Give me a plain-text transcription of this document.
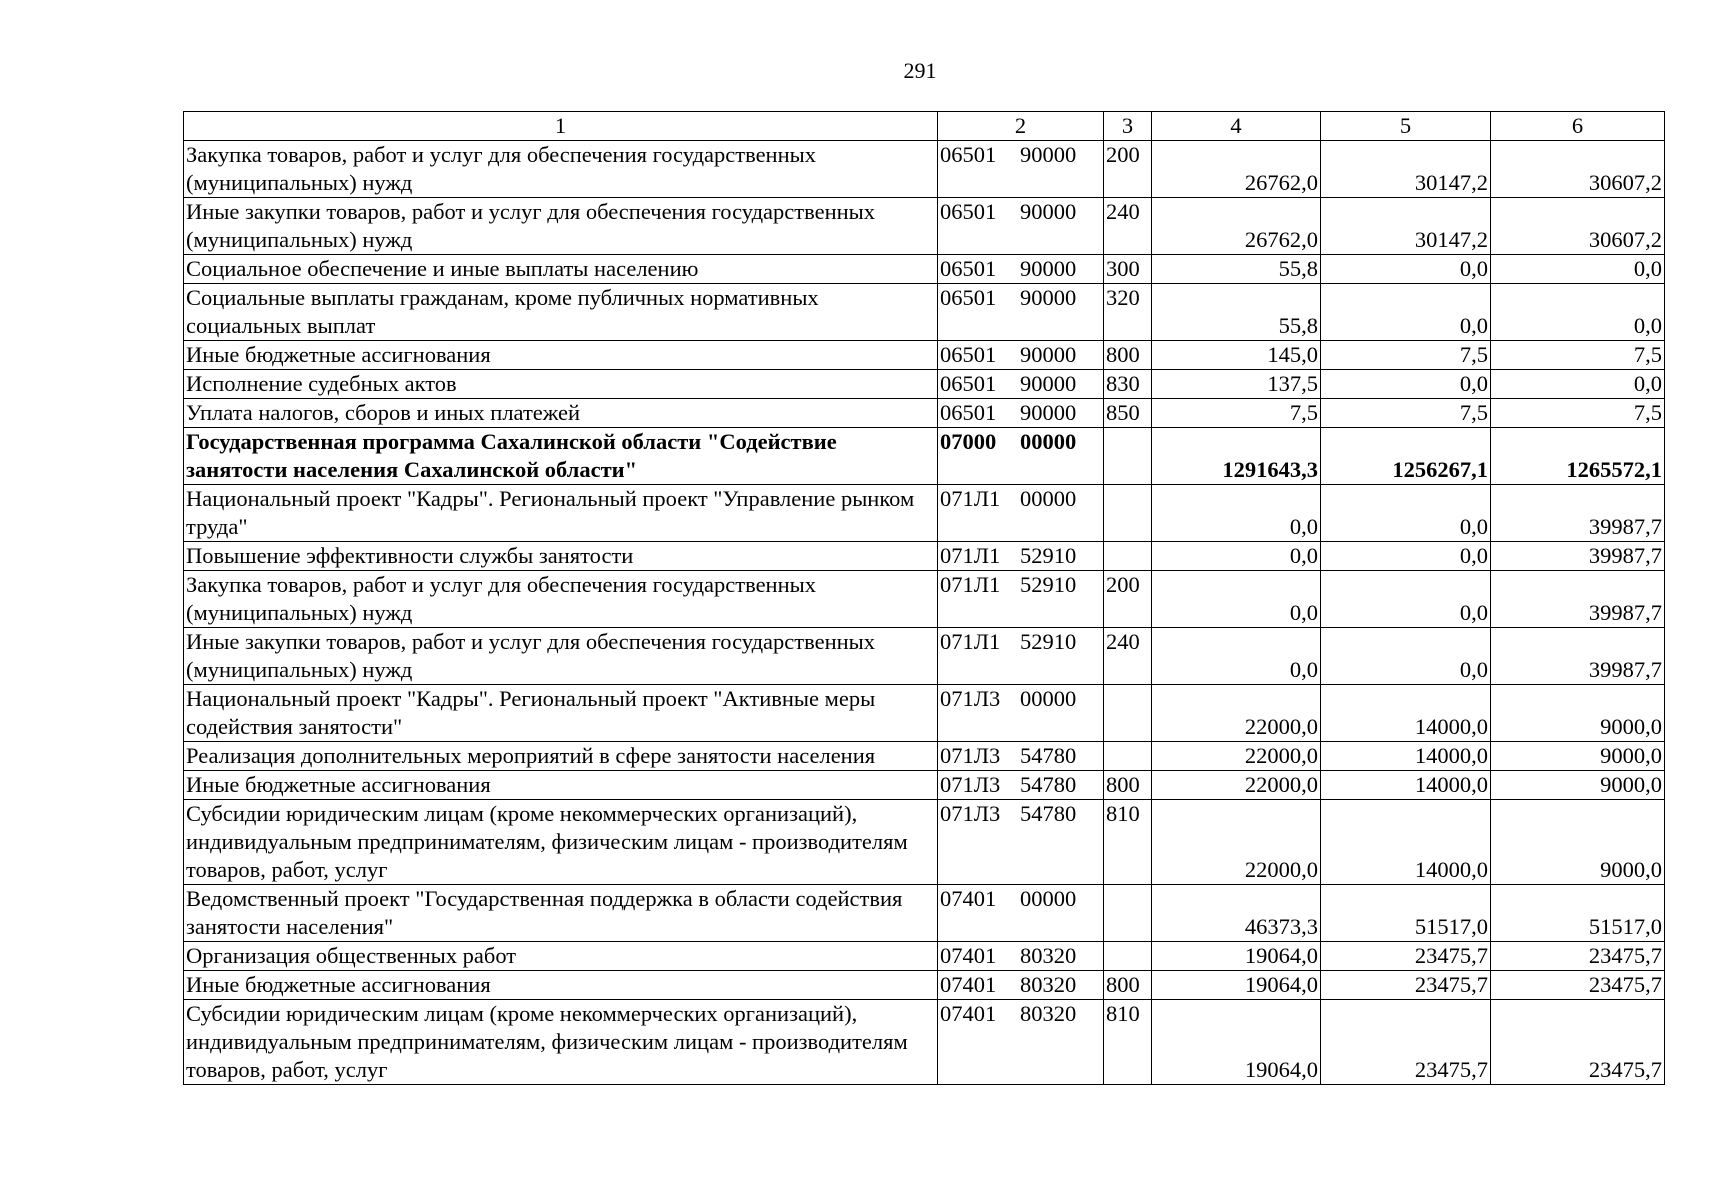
291
1	2	3	4	5	6
Закупка товаров, работ и услуг для обеспечения государственных (муниципальных) нужд	06501 90000	200	26762,0	30147,2	30607,2
Иные закупки товаров, работ и услуг для обеспечения государственных (муниципальных) нужд	06501 90000	240	26762,0	30147,2	30607,2
Социальное обеспечение и иные выплаты населению	06501 90000	300	55,8	0,0	0,0
Социальные выплаты гражданам, кроме публичных нормативных социальных выплат	06501 90000	320	55,8	0,0	0,0
Иные бюджетные ассигнования	06501 90000	800	145,0	7,5	7,5
Исполнение судебных актов	06501 90000	830	137,5	0,0	0,0
Уплата налогов, сборов и иных платежей	06501 90000	850	7,5	7,5	7,5
Государственная программа Сахалинской области "Содействие занятости населения Сахалинской области"	07000 00000		1291643,3	1256267,1	1265572,1
Национальный проект "Кадры". Региональный проект "Управление рынком труда"	071Л1 00000		0,0	0,0	39987,7
Повышение эффективности службы занятости	071Л1 52910		0,0	0,0	39987,7
Закупка товаров, работ и услуг для обеспечения государственных (муниципальных) нужд	071Л1 52910	200	0,0	0,0	39987,7
Иные закупки товаров, работ и услуг для обеспечения государственных (муниципальных) нужд	071Л1 52910	240	0,0	0,0	39987,7
Национальный проект "Кадры". Региональный проект "Активные меры содействия занятости"	071Л3 00000		22000,0	14000,0	9000,0
Реализация дополнительных мероприятий в сфере занятости населения	071Л3 54780		22000,0	14000,0	9000,0
Иные бюджетные ассигнования	071Л3 54780	800	22000,0	14000,0	9000,0
Субсидии юридическим лицам (кроме некоммерческих организаций), индивидуальным предпринимателям, физическим лицам - производителям товаров, работ, услуг	071Л3 54780	810	22000,0	14000,0	9000,0
Ведомственный проект "Государственная поддержка в области содействия занятости населения"	07401 00000		46373,3	51517,0	51517,0
Организация общественных работ	07401 80320		19064,0	23475,7	23475,7
Иные бюджетные ассигнования	07401 80320	800	19064,0	23475,7	23475,7
Субсидии юридическим лицам (кроме некоммерческих организаций), индивидуальным предпринимателям, физическим лицам - производителям товаров, работ, услуг	07401 80320	810	19064,0	23475,7	23475,7
